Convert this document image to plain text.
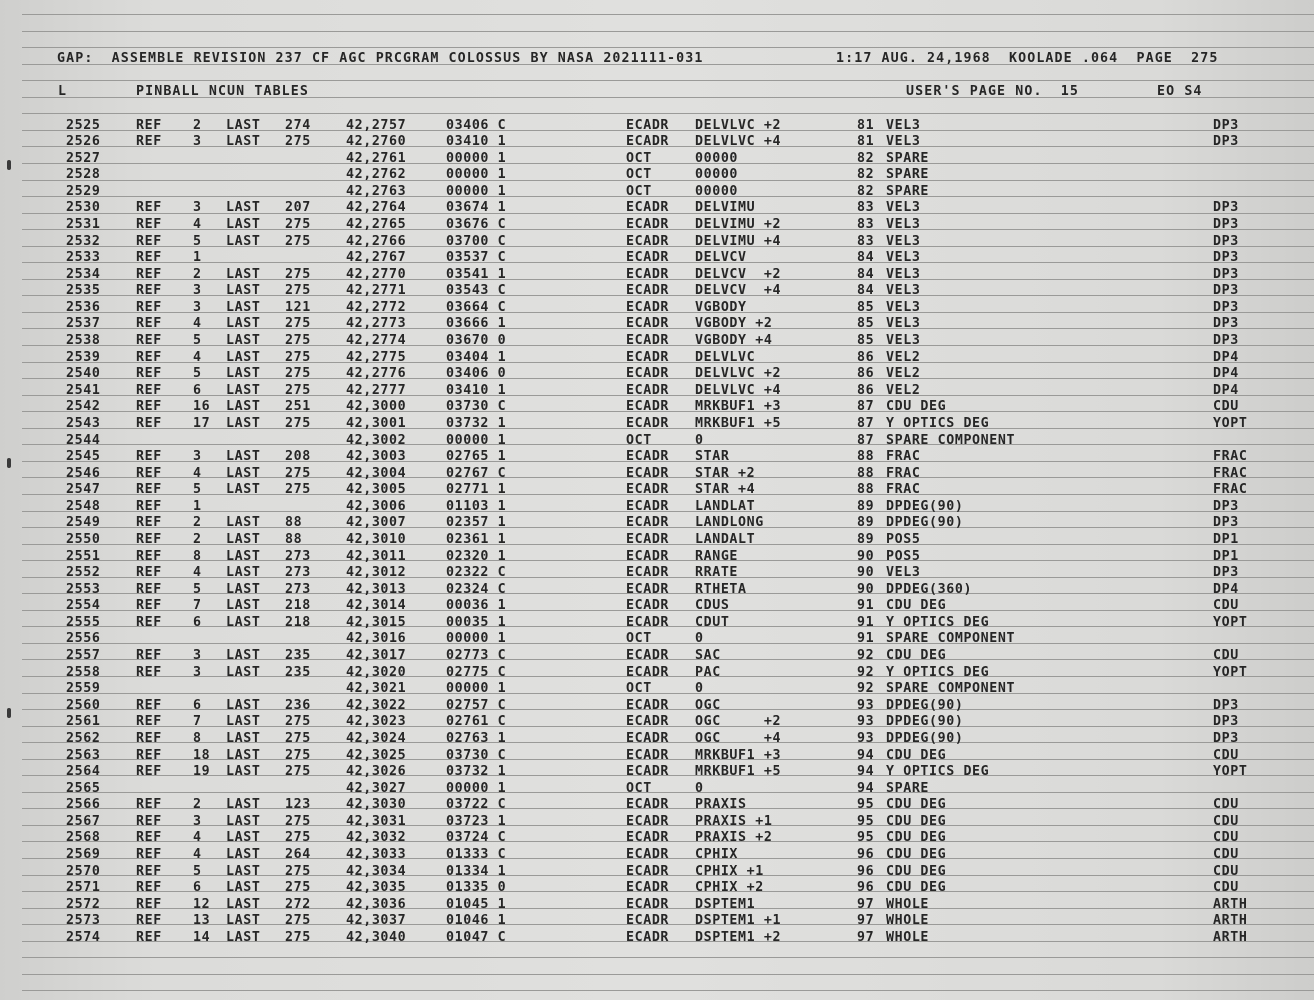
GAP:  ASSEMBLE REVISION 237 CF AGC PRCGRAM COLOSSUS BY NASA 2021111-031	1:17 AUG. 24,1968  KOOLADE .064  PAGE  275
L	PINBALL NCUN TABLES	USER'S PAGE NO.  15	EO S4
2525	REF 2 LAST 274	42,2757	03406 C	ECADR DELVLVC +2	81 VEL3	DP3
2526	REF 3 LAST 275	42,2760	03410 1	ECADR DELVLVC +4	81 VEL3	DP3
2527	42,2761	00000 1	OCT	00000	82 SPARE
2528	42,2762	00000 1	OCT	00000	82 SPARE
2529	42,2763	00000 1	OCT	00000	82 SPARE
2530	REF 3 LAST 207	42,2764	03674 1	ECADR DELVIMU	83 VEL3	DP3
2531	REF 4 LAST 275	42,2765	03676 C	ECADR DELVIMU +2	83 VEL3	DP3
2532	REF 5 LAST 275	42,2766	03700 C	ECADR DELVIMU +4	83 VEL3	DP3
2533	REF 1	42,2767	03537 C	ECADR DELVCV	84 VEL3	DP3
2534	REF 2 LAST 275	42,2770	03541 1	ECADR DELVCV  +2	84 VEL3	DP3
2535	REF 3 LAST 275	42,2771	03543 C	ECADR DELVCV  +4	84 VEL3	DP3
2536	REF 3 LAST 121	42,2772	03664 C	ECADR VGBODY	85 VEL3	DP3
2537	REF 4 LAST 275	42,2773	03666 1	ECADR VGBODY +2	85 VEL3	DP3
2538	REF 5 LAST 275	42,2774	03670 0	ECADR VGBODY +4	85 VEL3	DP3
2539	REF 4 LAST 275	42,2775	03404 1	ECADR DELVLVC	86 VEL2	DP4
2540	REF 5 LAST 275	42,2776	03406 0	ECADR DELVLVC +2	86 VEL2	DP4
2541	REF 6 LAST 275	42,2777	03410 1	ECADR DELVLVC +4	86 VEL2	DP4
2542	REF 16 LAST 251	42,3000	03730 C	ECADR MRKBUF1 +3	87 CDU DEG	CDU
2543	REF 17 LAST 275	42,3001	03732 1	ECADR MRKBUF1 +5	87 Y OPTICS DEG	YOPT
2544	42,3002	00000 1	OCT	0	87 SPARE COMPONENT
2545	REF 3 LAST 208	42,3003	02765 1	ECADR STAR	88 FRAC	FRAC
2546	REF 4 LAST 275	42,3004	02767 C	ECADR STAR +2	88 FRAC	FRAC
2547	REF 5 LAST 275	42,3005	02771 1	ECADR STAR +4	88 FRAC	FRAC
2548	REF 1	42,3006	01103 1	ECADR LANDLAT	89 DPDEG(90)	DP3
2549	REF 2 LAST 88	42,3007	02357 1	ECADR LANDLONG	89 DPDEG(90)	DP3
2550	REF 2 LAST 88	42,3010	02361 1	ECADR LANDALT	89 POS5	DP1
2551	REF 8 LAST 273	42,3011	02320 1	ECADR RANGE	90 POS5	DP1
2552	REF 4 LAST 273	42,3012	02322 C	ECADR RRATE	90 VEL3	DP3
2553	REF 5 LAST 273	42,3013	02324 C	ECADR RTHETA	90 DPDEG(360)	DP4
2554	REF 7 LAST 218	42,3014	00036 1	ECADR CDUS	91 CDU DEG	CDU
2555	REF 6 LAST 218	42,3015	00035 1	ECADR CDUT	91 Y OPTICS DEG	YOPT
2556	42,3016	00000 1	OCT	0	91 SPARE COMPONENT
2557	REF 3 LAST 235	42,3017	02773 C	ECADR SAC	92 CDU DEG	CDU
2558	REF 3 LAST 235	42,3020	02775 C	ECADR PAC	92 Y OPTICS DEG	YOPT
2559	42,3021	00000 1	OCT	0	92 SPARE COMPONENT
2560	REF 6 LAST 236	42,3022	02757 C	ECADR OGC	93 DPDEG(90)	DP3
2561	REF 7 LAST 275	42,3023	02761 C	ECADR OGC     +2	93 DPDEG(90)	DP3
2562	REF 8 LAST 275	42,3024	02763 1	ECADR OGC     +4	93 DPDEG(90)	DP3
2563	REF 18 LAST 275	42,3025	03730 C	ECADR MRKBUF1 +3	94 CDU DEG	CDU
2564	REF 19 LAST 275	42,3026	03732 1	ECADR MRKBUF1 +5	94 Y OPTICS DEG	YOPT
2565	42,3027	00000 1	OCT	0	94 SPARE
2566	REF 2 LAST 123	42,3030	03722 C	ECADR PRAXIS	95 CDU DEG	CDU
2567	REF 3 LAST 275	42,3031	03723 1	ECADR PRAXIS +1	95 CDU DEG	CDU
2568	REF 4 LAST 275	42,3032	03724 C	ECADR PRAXIS +2	95 CDU DEG	CDU
2569	REF 4 LAST 264	42,3033	01333 C	ECADR CPHIX	96 CDU DEG	CDU
2570	REF 5 LAST 275	42,3034	01334 1	ECADR CPHIX +1	96 CDU DEG	CDU
2571	REF 6 LAST 275	42,3035	01335 0	ECADR CPHIX +2	96 CDU DEG	CDU
2572	REF 12 LAST 272	42,3036	01045 1	ECADR DSPTEM1	97 WHOLE	ARTH
2573	REF 13 LAST 275	42,3037	01046 1	ECADR DSPTEM1 +1	97 WHOLE	ARTH
2574	REF 14 LAST 275	42,3040	01047 C	ECADR DSPTEM1 +2	97 WHOLE	ARTH
